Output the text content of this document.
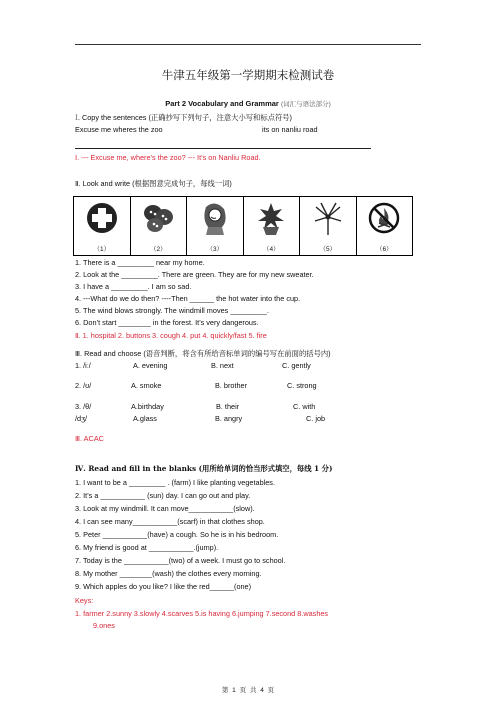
牛津五年级第一学期期末检测试卷
Part 2 Vocabulary and Grammar (词汇与语法部分)
Ⅰ. Copy the sentences (正确抄写下列句子，注意大小写和标点符号)
Excuse me wheres the zoo	its on nanliu road
Ⅰ. --- Excuse me, where’s the zoo? --- It’s on Nanliu Road.
Ⅱ. Look and write (根据图意完成句子，每线一词)
（1）	（2）	（3）	（4）	（5）	（6）
1. There is a _________ near my home.
2. Look at the _________. There are green. They are for my new sweater.
3. I have a _________. I am so sad.
4. ---What do we do then? ----Then ______ the hot water into the cup.
5. The wind blows strongly. The windmill moves _________.
6. Don’t start ________ in the forest. It’s very dangerous.
Ⅱ. 1. hospital 2. buttons 3. cough 4. put 4. quickly/fast 5. fire
Ⅲ. Read and choose (语音判断，将含有所给音标单词的编号写在前面的括号内)
1. /iː/	A. evening	B. next	C. gently
2. /ʊ/	A. smoke	B. brother	C. strong
3. /θ/	A.birthday	B. their	C. with
/dʒ/	A.glass	B. angry	C. job
Ⅲ. ACAC
Ⅳ. Read and fill in the blanks (用所给单词的恰当形式填空，每线 1 分)
1. I want to be a _________ . (farm) I like planting vegetables.
2. It’s a ___________ (sun) day. I can go out and play.
3. Look at my windmill. It can move___________(slow).
4. I can see many___________(scarf) in that clothes shop.
5. Peter ___________(have) a cough. So he is in his bedroom.
6. My friend is good at ___________.(jump).
7. Today is the ___________(two) of a week. I must go to school.
8. My mother ________(wash) the clothes every morning.
9. Which apples do you like? I like the red______(one)
Keys:
1. farmer 2.sunny 3.slowly 4.scarves 5.is having 6.jumping 7.second 8.washes
9.ones
第 1 页 共 4 页
